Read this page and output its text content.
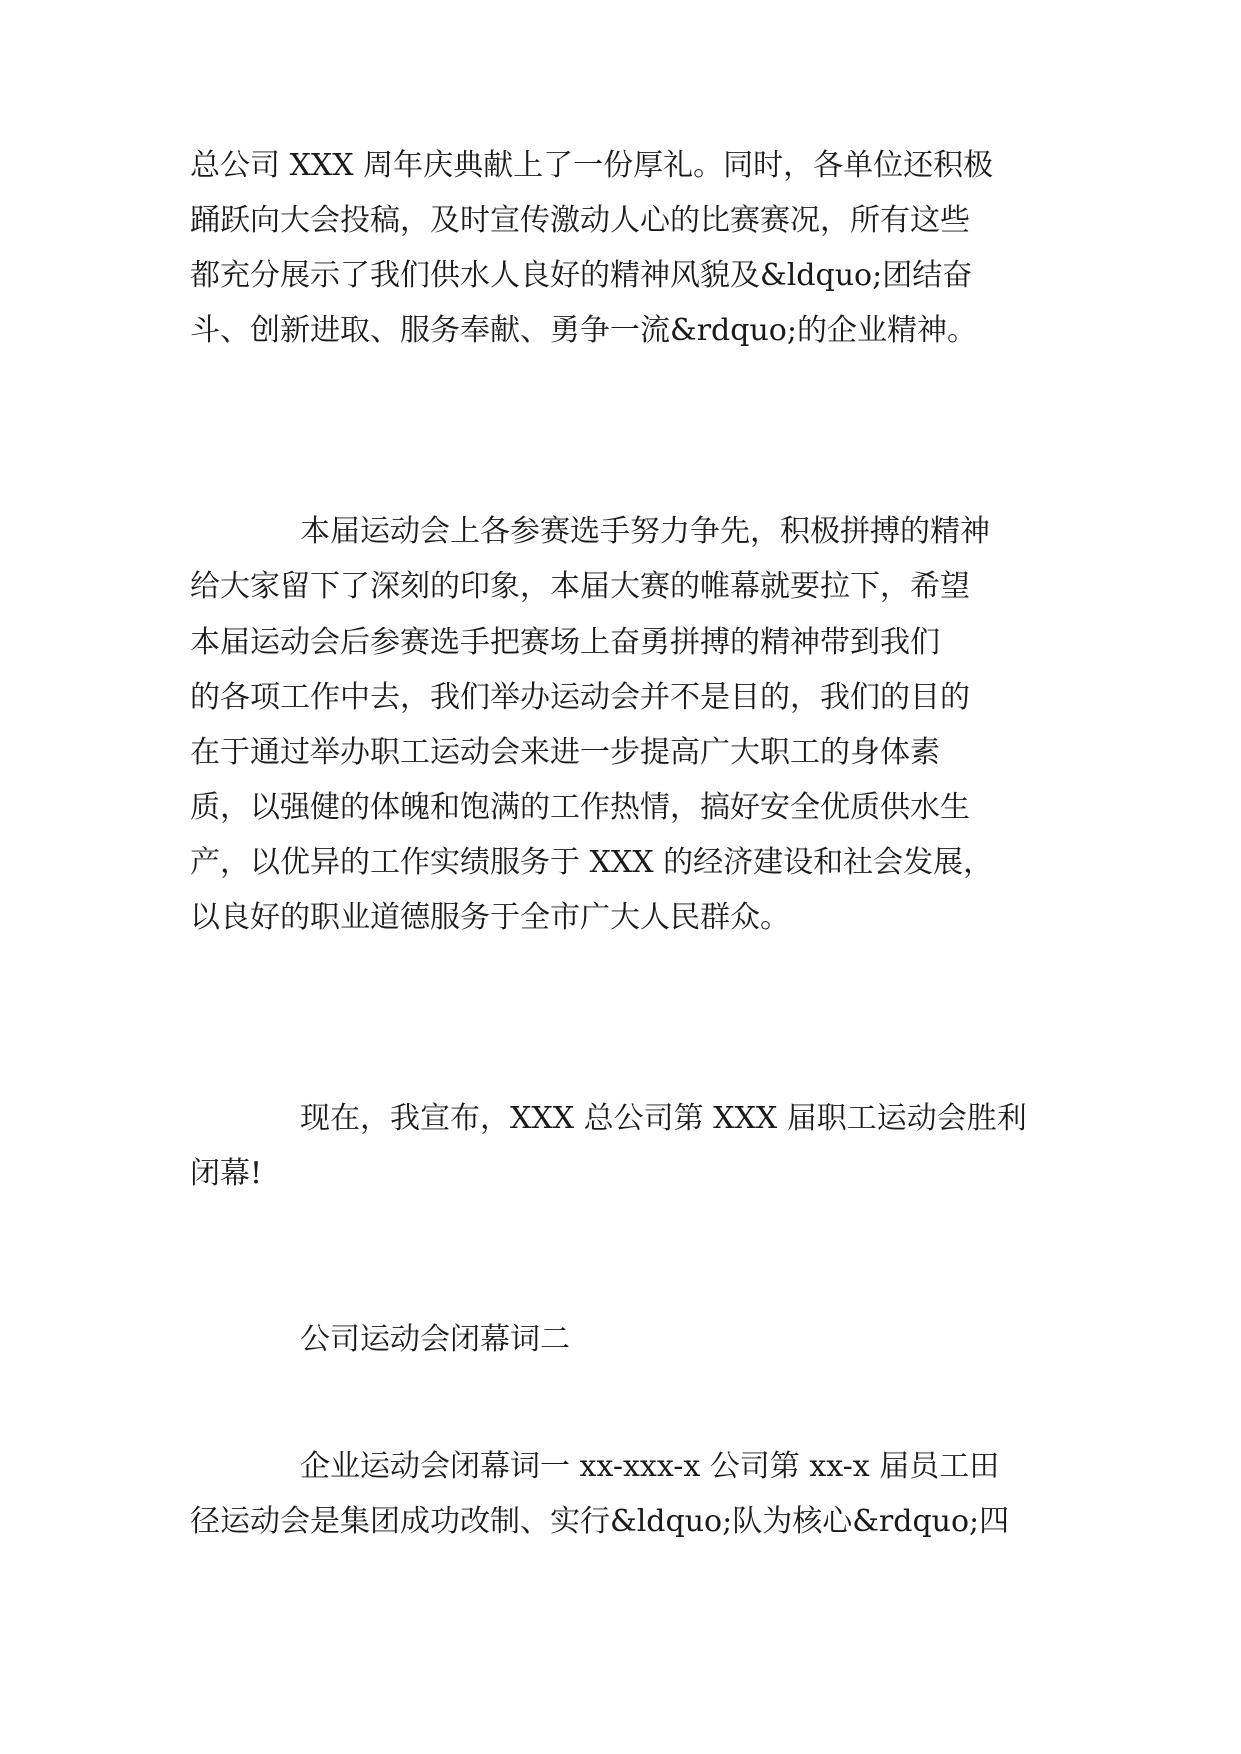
总公司 XXX 周年庆典献上了一份厚礼。同时，各单位还积极
踊跃向大会投稿，及时宣传激动人心的比赛赛况，所有这些
都充分展示了我们供水人良好的精神风貌及&ldquo;团结奋
斗、创新进取、服务奉献、勇争一流&rdquo;的企业精神。
本届运动会上各参赛选手努力争先，积极拼搏的精神
给大家留下了深刻的印象，本届大赛的帷幕就要拉下，希望
本届运动会后参赛选手把赛场上奋勇拼搏的精神带到我们
的各项工作中去，我们举办运动会并不是目的，我们的目的
在于通过举办职工运动会来进一步提高广大职工的身体素
质，以强健的体魄和饱满的工作热情，搞好安全优质供水生
产，以优异的工作实绩服务于 XXX 的经济建设和社会发展，
以良好的职业道德服务于全市广大人民群众。
现在，我宣布，XXX 总公司第 XXX 届职工运动会胜利
闭幕!
公司运动会闭幕词二
企业运动会闭幕词一 xx-xxx-x 公司第 xx-x 届员工田
径运动会是集团成功改制、实行&ldquo;队为核心&rdquo;四
